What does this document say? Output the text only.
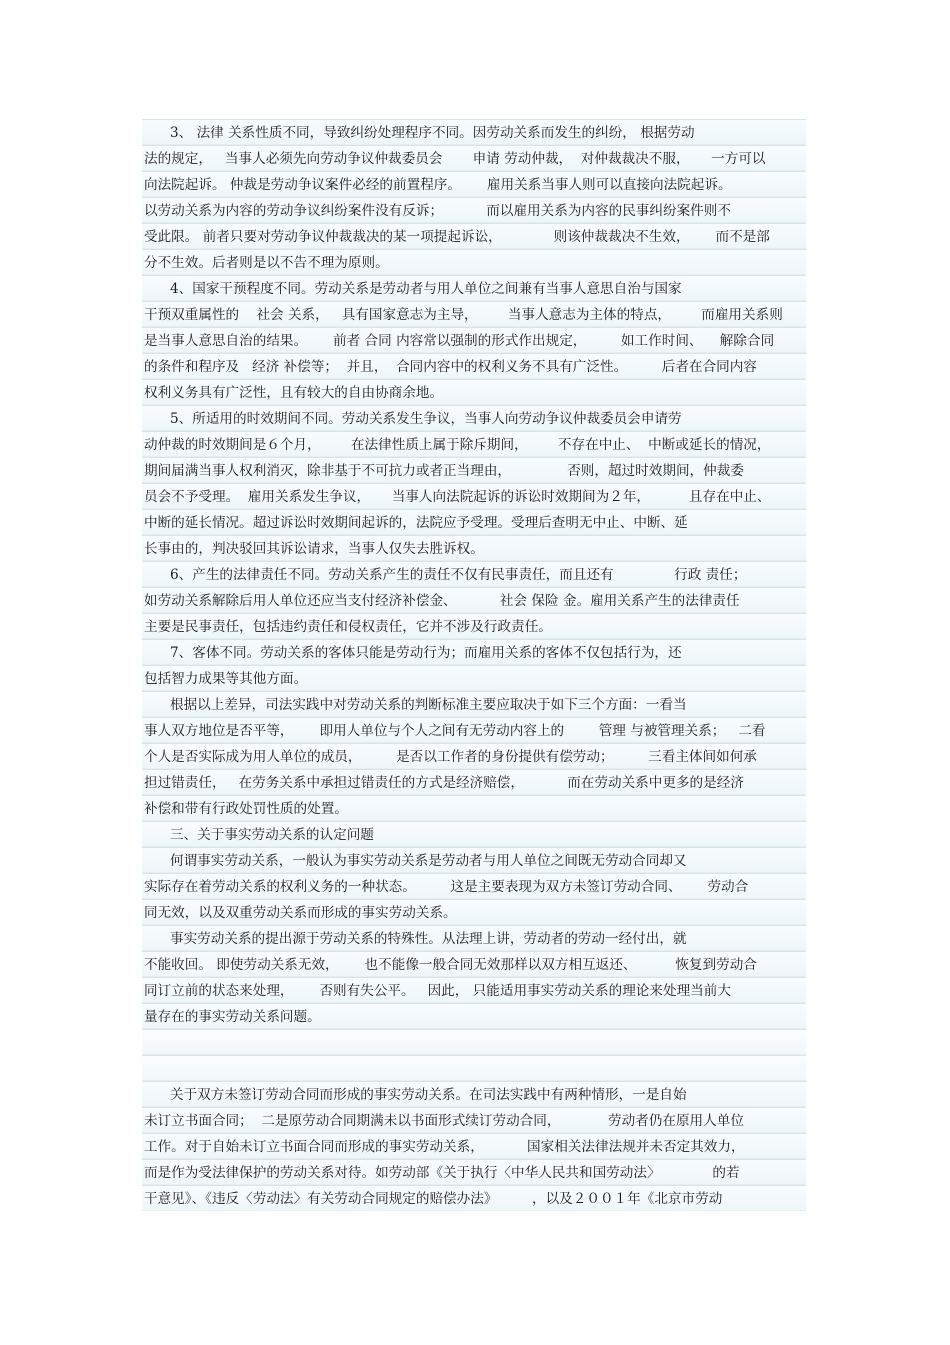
3、 法律 关系性质不同，导致纠纷处理程序不同。因劳动关系而发生的纠纷， 根据劳动
法的规定，   当事人必须先向劳动争议仲裁委员会       申请 劳动仲裁，  对仲裁裁决不服，     一方可以
向法院起诉。 仲裁是劳动争议案件必经的前置程序。      雇用关系当事人则可以直接向法院起诉。
以劳动关系为内容的劳动争议纠纷案件没有反诉；          而以雇用关系为内容的民事纠纷案件则不
受此限。 前者只要对劳动争议仲裁裁决的某一项提起诉讼，            则该仲裁裁决不生效，      而不是部
分不生效。后者则是以不告不理为原则。
4、国家干预程度不同。劳动关系是劳动者与用人单位之间兼有当事人意思自治与国家
干预双重属性的    社会 关系，   具有国家意志为主导，       当事人意志为主体的特点，       而雇用关系则
是当事人意思自治的结果。      前者 合同 内容常以强制的形式作出规定，        如工作时间、    解除合同
的条件和程序及   经济 补偿等；  并且，  合同内容中的权利义务不具有广泛性。        后者在合同内容
权利义务具有广泛性，且有较大的自由协商余地。
5、所适用的时效期间不同。劳动关系发生争议，当事人向劳动争议仲裁委员会申请劳
动仲裁的时效期间是６个月，       在法律性质上属于除斥期间，       不存在中止、  中断或延长的情况，
期间届满当事人权利消灭，除非基于不可抗力或者正当理由，             否则，超过时效期间，仲裁委
员会不予受理。  雇用关系发生争议，     当事人向法院起诉的诉讼时效期间为２年，         且存在中止、
中断的延长情况。超过诉讼时效期间起诉的，法院应予受理。受理后查明无中止、中断、延
长事由的，判决驳回其诉讼请求，当事人仅失去胜诉权。
6、产生的法律责任不同。劳动关系产生的责任不仅有民事责任，而且还有              行政 责任；
如劳动关系解除后用人单位还应当支付经济补偿金、          社会 保险 金。雇用关系产生的法律责任
主要是民事责任，包括违约责任和侵权责任，它并不涉及行政责任。
7、客体不同。劳动关系的客体只能是劳动行为；而雇用关系的客体不仅包括行为，还
包括智力成果等其他方面。
根据以上差异，司法实践中对劳动关系的判断标准主要应取决于如下三个方面：一看当
事人双方地位是否平等，      即用人单位与个人之间有无劳动内容上的        管理 与被管理关系；   二看
个人是否实际成为用人单位的成员，        是否以工作者的身份提供有偿劳动；        三看主体间如何承
担过错责任，   在劳务关系中承担过错责任的方式是经济赔偿，          而在劳动关系中更多的是经济
补偿和带有行政处罚性质的处置。
三、关于事实劳动关系的认定问题
何谓事实劳动关系，一般认为事实劳动关系是劳动者与用人单位之间既无劳动合同却又
实际存在着劳动关系的权利义务的一种状态。        这是主要表现为双方未签订劳动合同、      劳动合
同无效，以及双重劳动关系而形成的事实劳动关系。
事实劳动关系的提出源于劳动关系的特殊性。从法理上讲，劳动者的劳动一经付出，就
不能收回。 即使劳动关系无效，      也不能像一般合同无效那样以双方相互返还、         恢复到劳动合
同订立前的状态来处理，      否则有失公平。   因此， 只能适用事实劳动关系的理论来处理当前大
量存在的事实劳动关系问题。
关于双方未签订劳动合同而形成的事实劳动关系。在司法实践中有两种情形，一是自始
未订立书面合同；  二是原劳动合同期满未以书面形式续订劳动合同，           劳动者仍在原用人单位
工作。对于自始未订立书面合同而形成的事实劳动关系，          国家相关法律法规并未否定其效力，
而是作为受法律保护的劳动关系对待。如劳动部《关于执行〈中华人民共和国劳动法〉            的若
干意见》、《违反〈劳动法〉有关劳动合同规定的赔偿办法》        ，以及２００１年《北京市劳动
